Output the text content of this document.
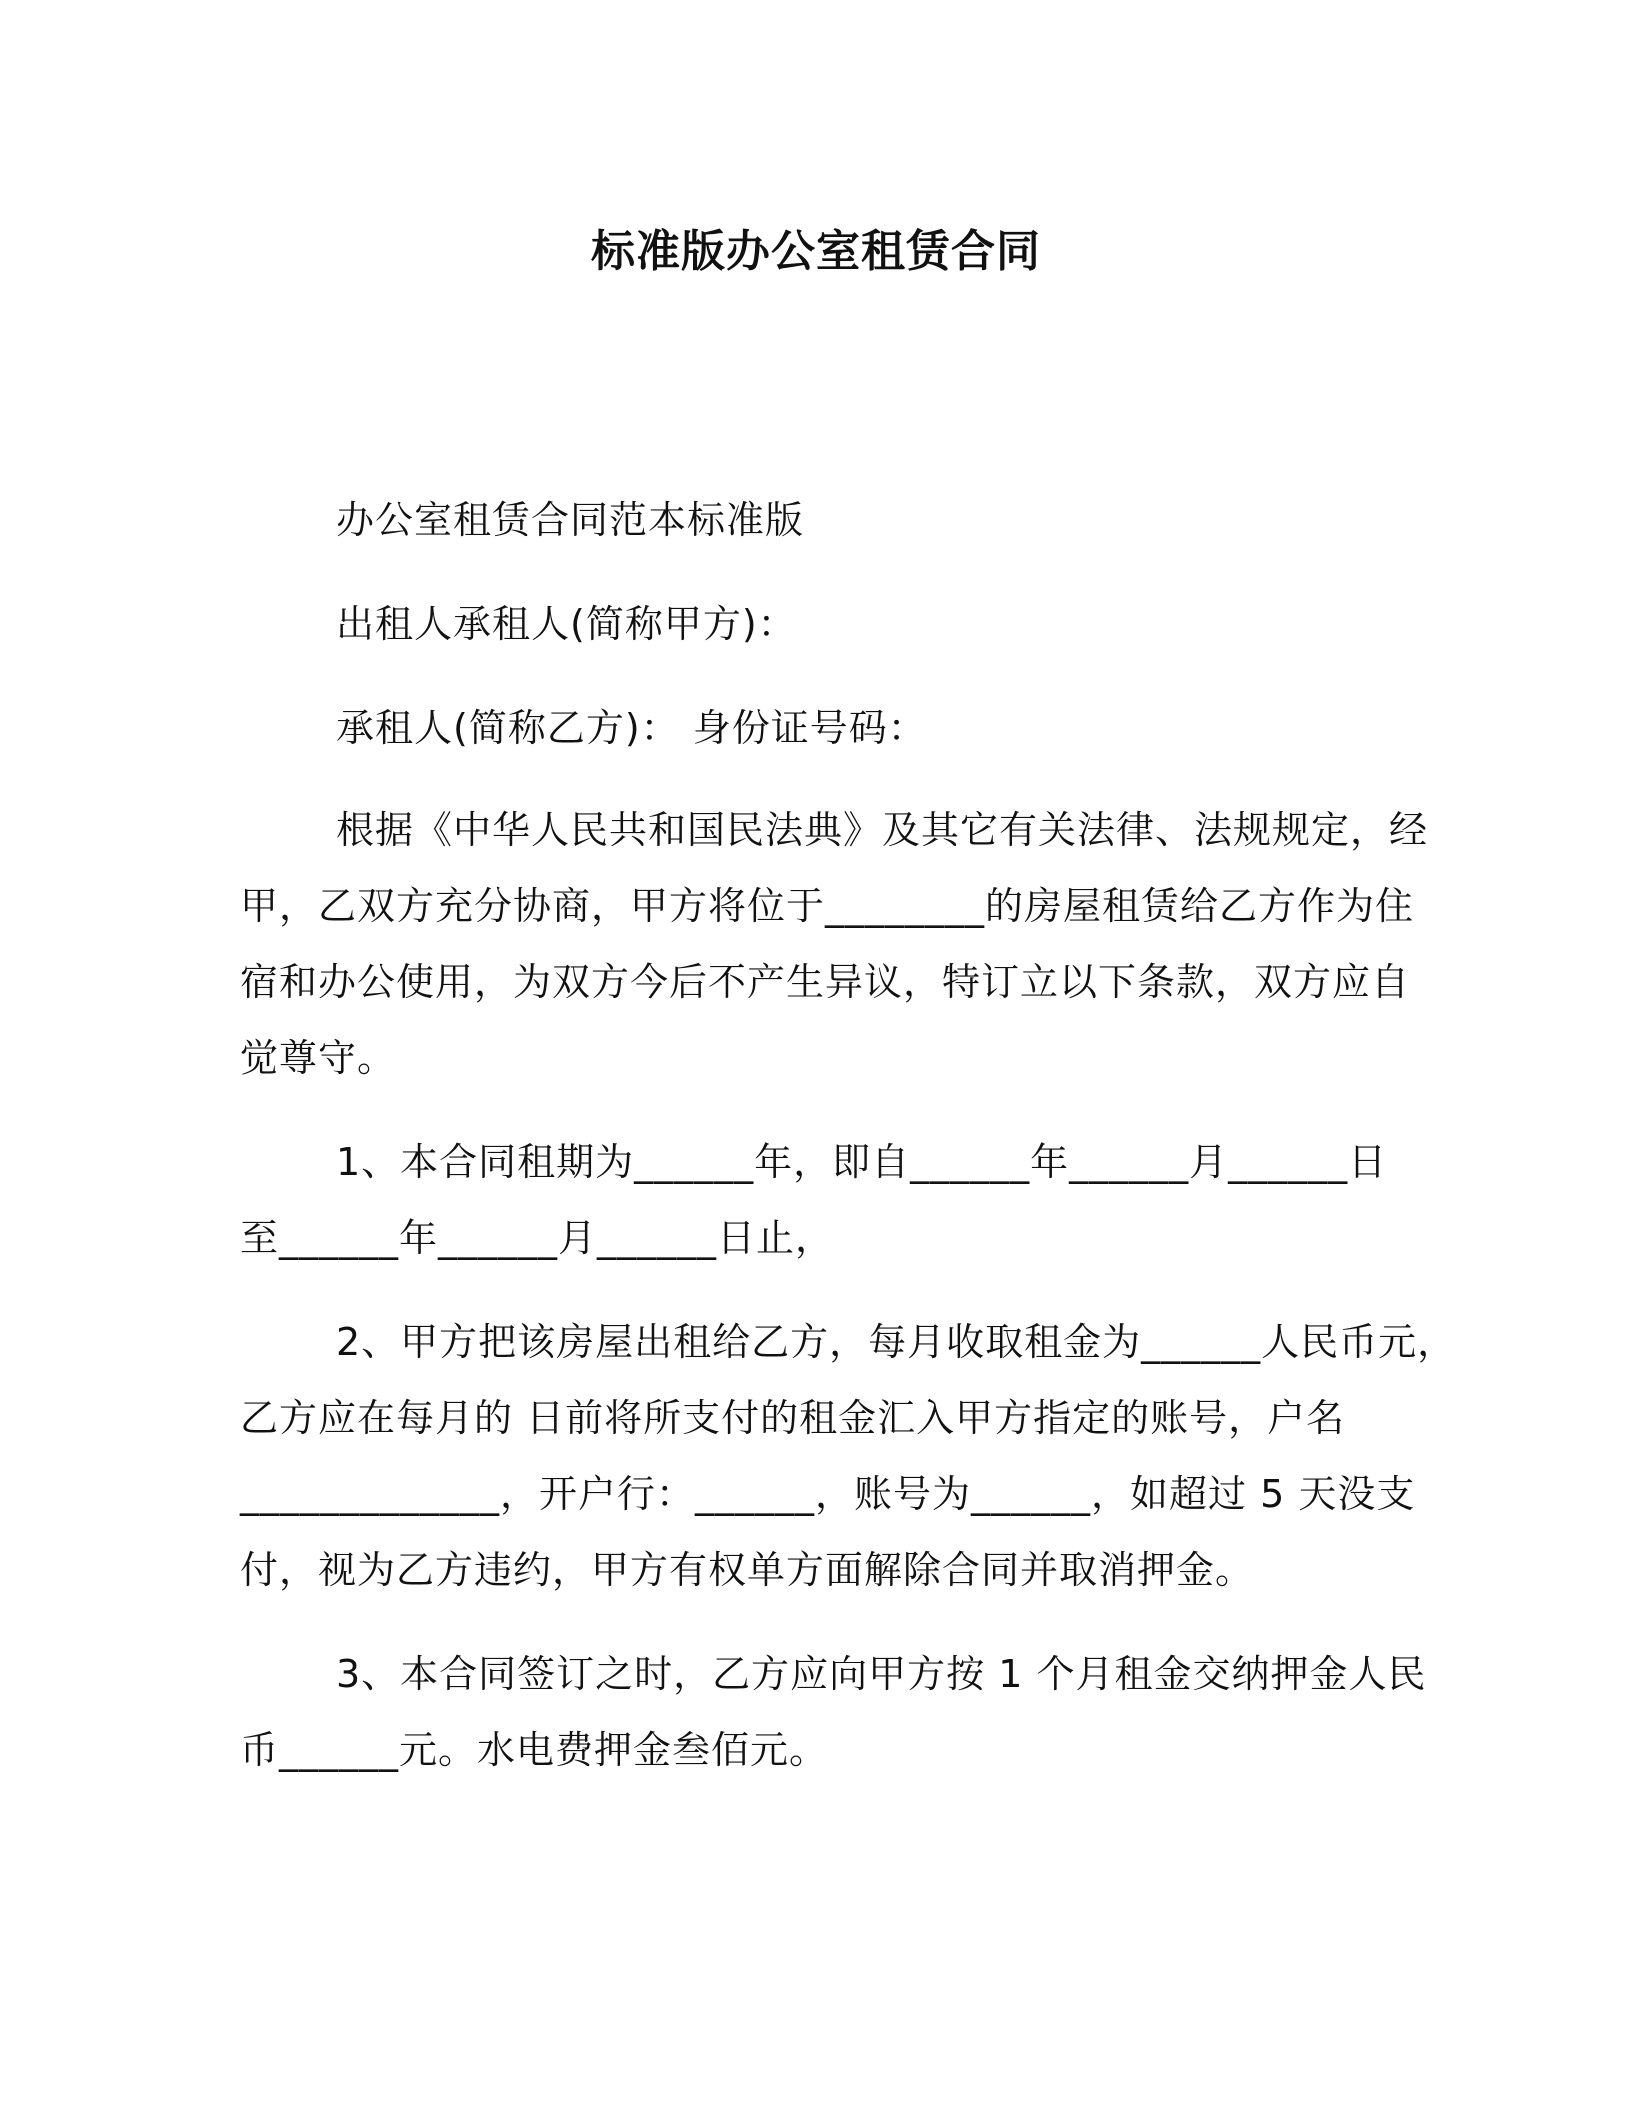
标准版办公室租赁合同
办公室租赁合同范本标准版
出租人承租人(简称甲方)：
承租人(简称乙方)： 身份证号码：
根据《中华人民共和国民法典》及其它有关法律、法规规定，经
甲，乙双方充分协商，甲方将位于________的房屋租赁给乙方作为住
宿和办公使用，为双方今后不产生异议，特订立以下条款，双方应自
觉尊守。
1、本合同租期为______年，即自______年______月______日
至______年______月______日止，
2、甲方把该房屋出租给乙方，每月收取租金为______人民币元，
乙方应在每月的 日前将所支付的租金汇入甲方指定的账号，户名
_____________，开户行：______，账号为______，如超过 5 天没支
付，视为乙方违约，甲方有权单方面解除合同并取消押金。
3、本合同签订之时，乙方应向甲方按 1 个月租金交纳押金人民
币______元。水电费押金叁佰元。
